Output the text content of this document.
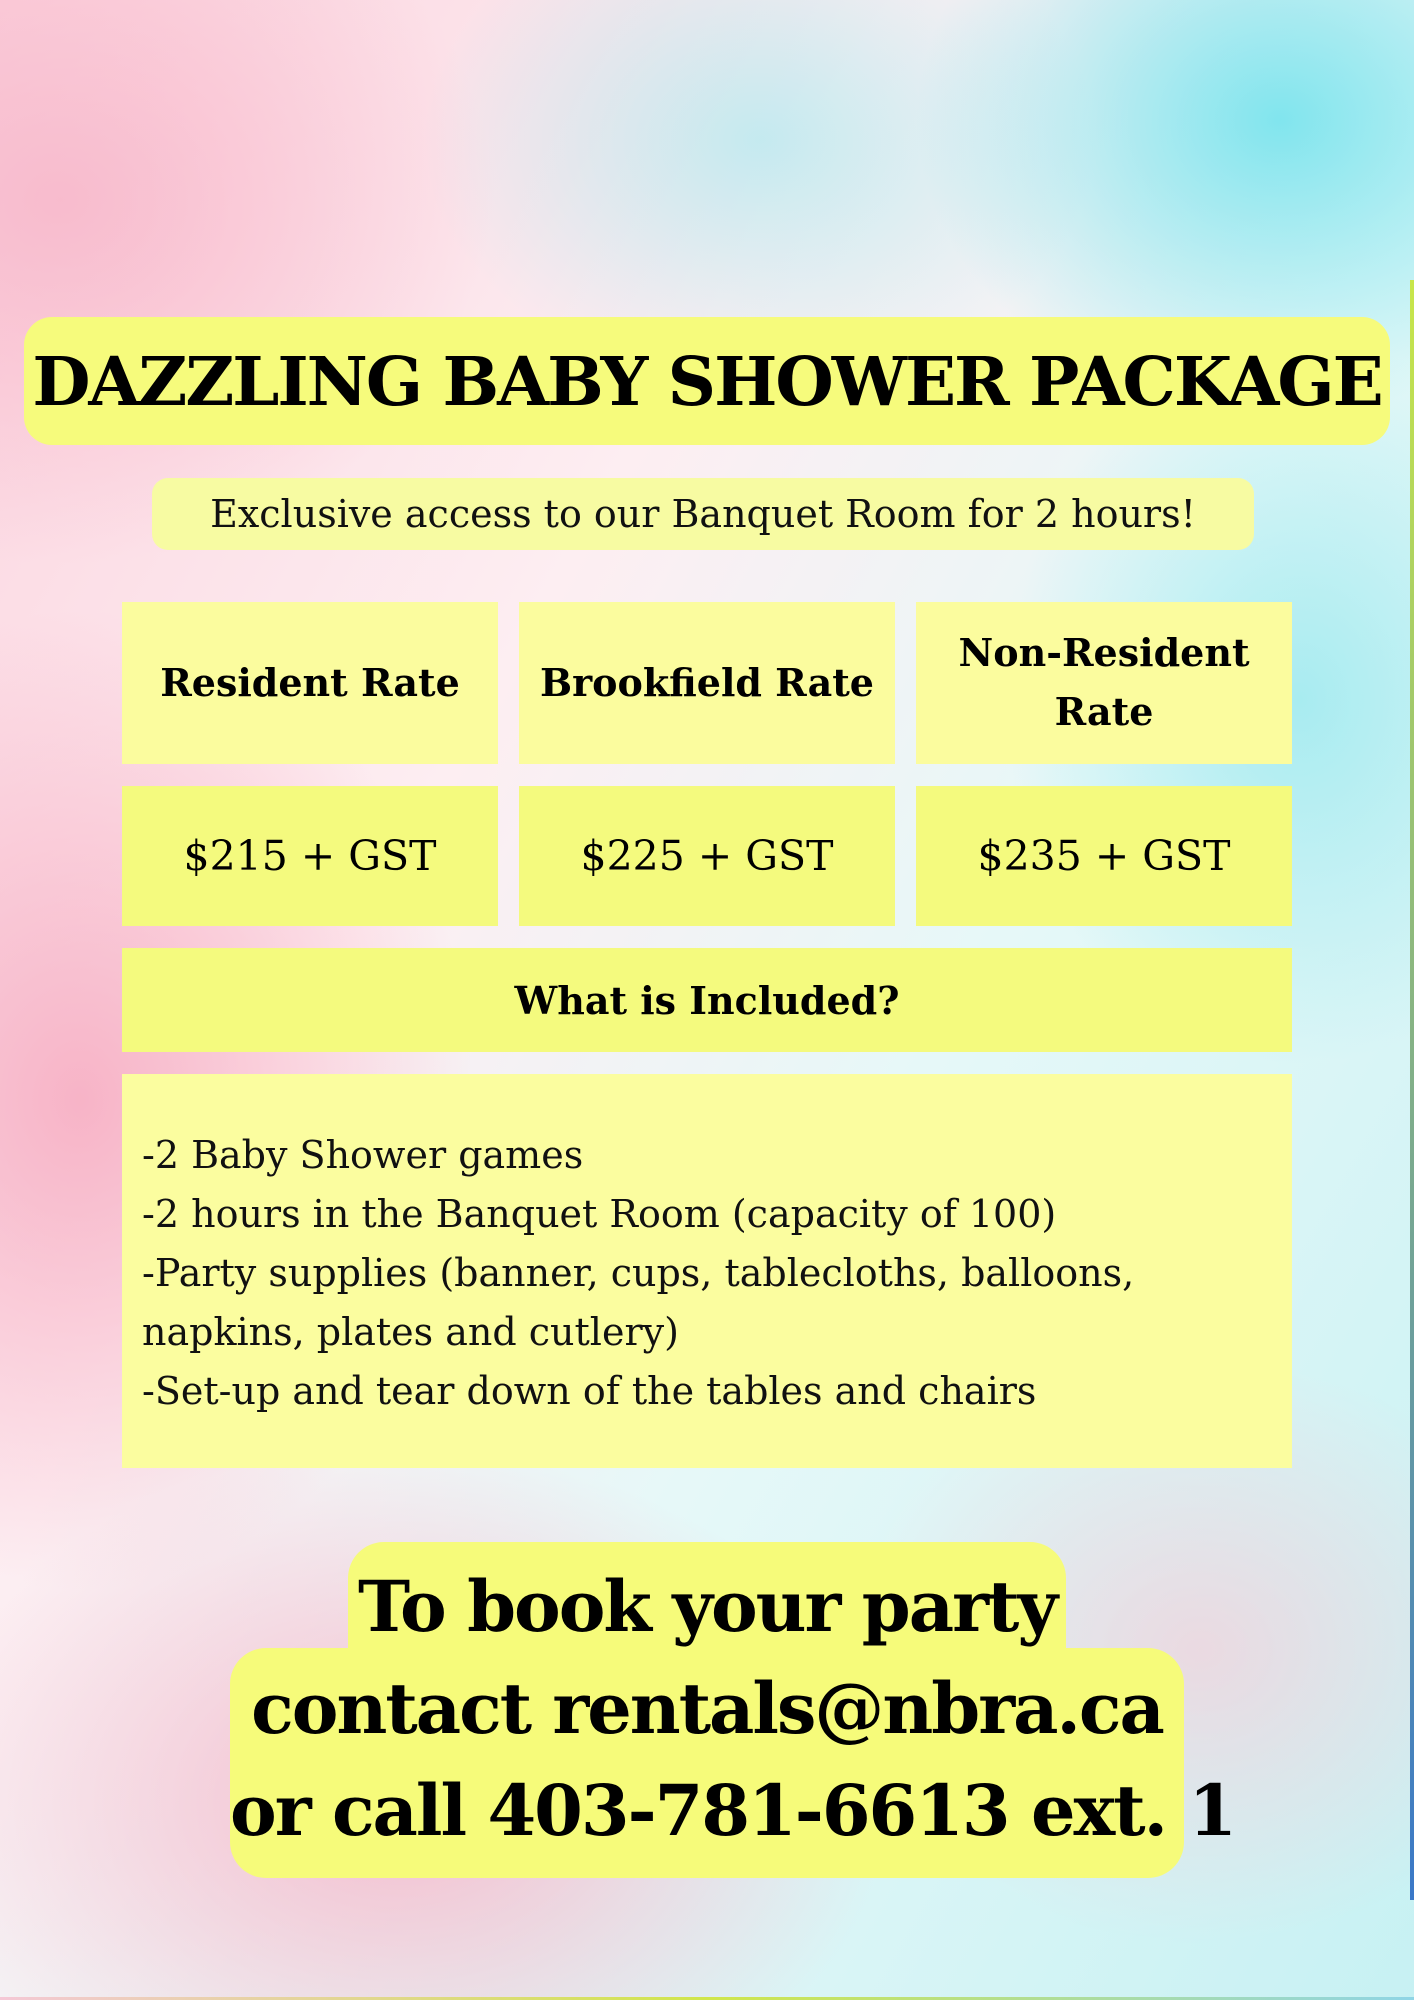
DAZZLING BABY SHOWER PACKAGE
Exclusive access to our Banquet Room for 2 hours!
Resident Rate Brookfield Rate
Non-Resident
Rate
$215 + GST	$225 + GST	$235 + GST
What is Included?
-2 Baby Shower games
-2 hours in the Banquet Room (capacity of 100)
-Party supplies (banner, cups, tablecloths, balloons,
napkins, plates and cutlery)
-Set-up and tear down of the tables and chairs
To book your party
contact rentals@nbra.ca
or call 403-781-6613 ext. 1
